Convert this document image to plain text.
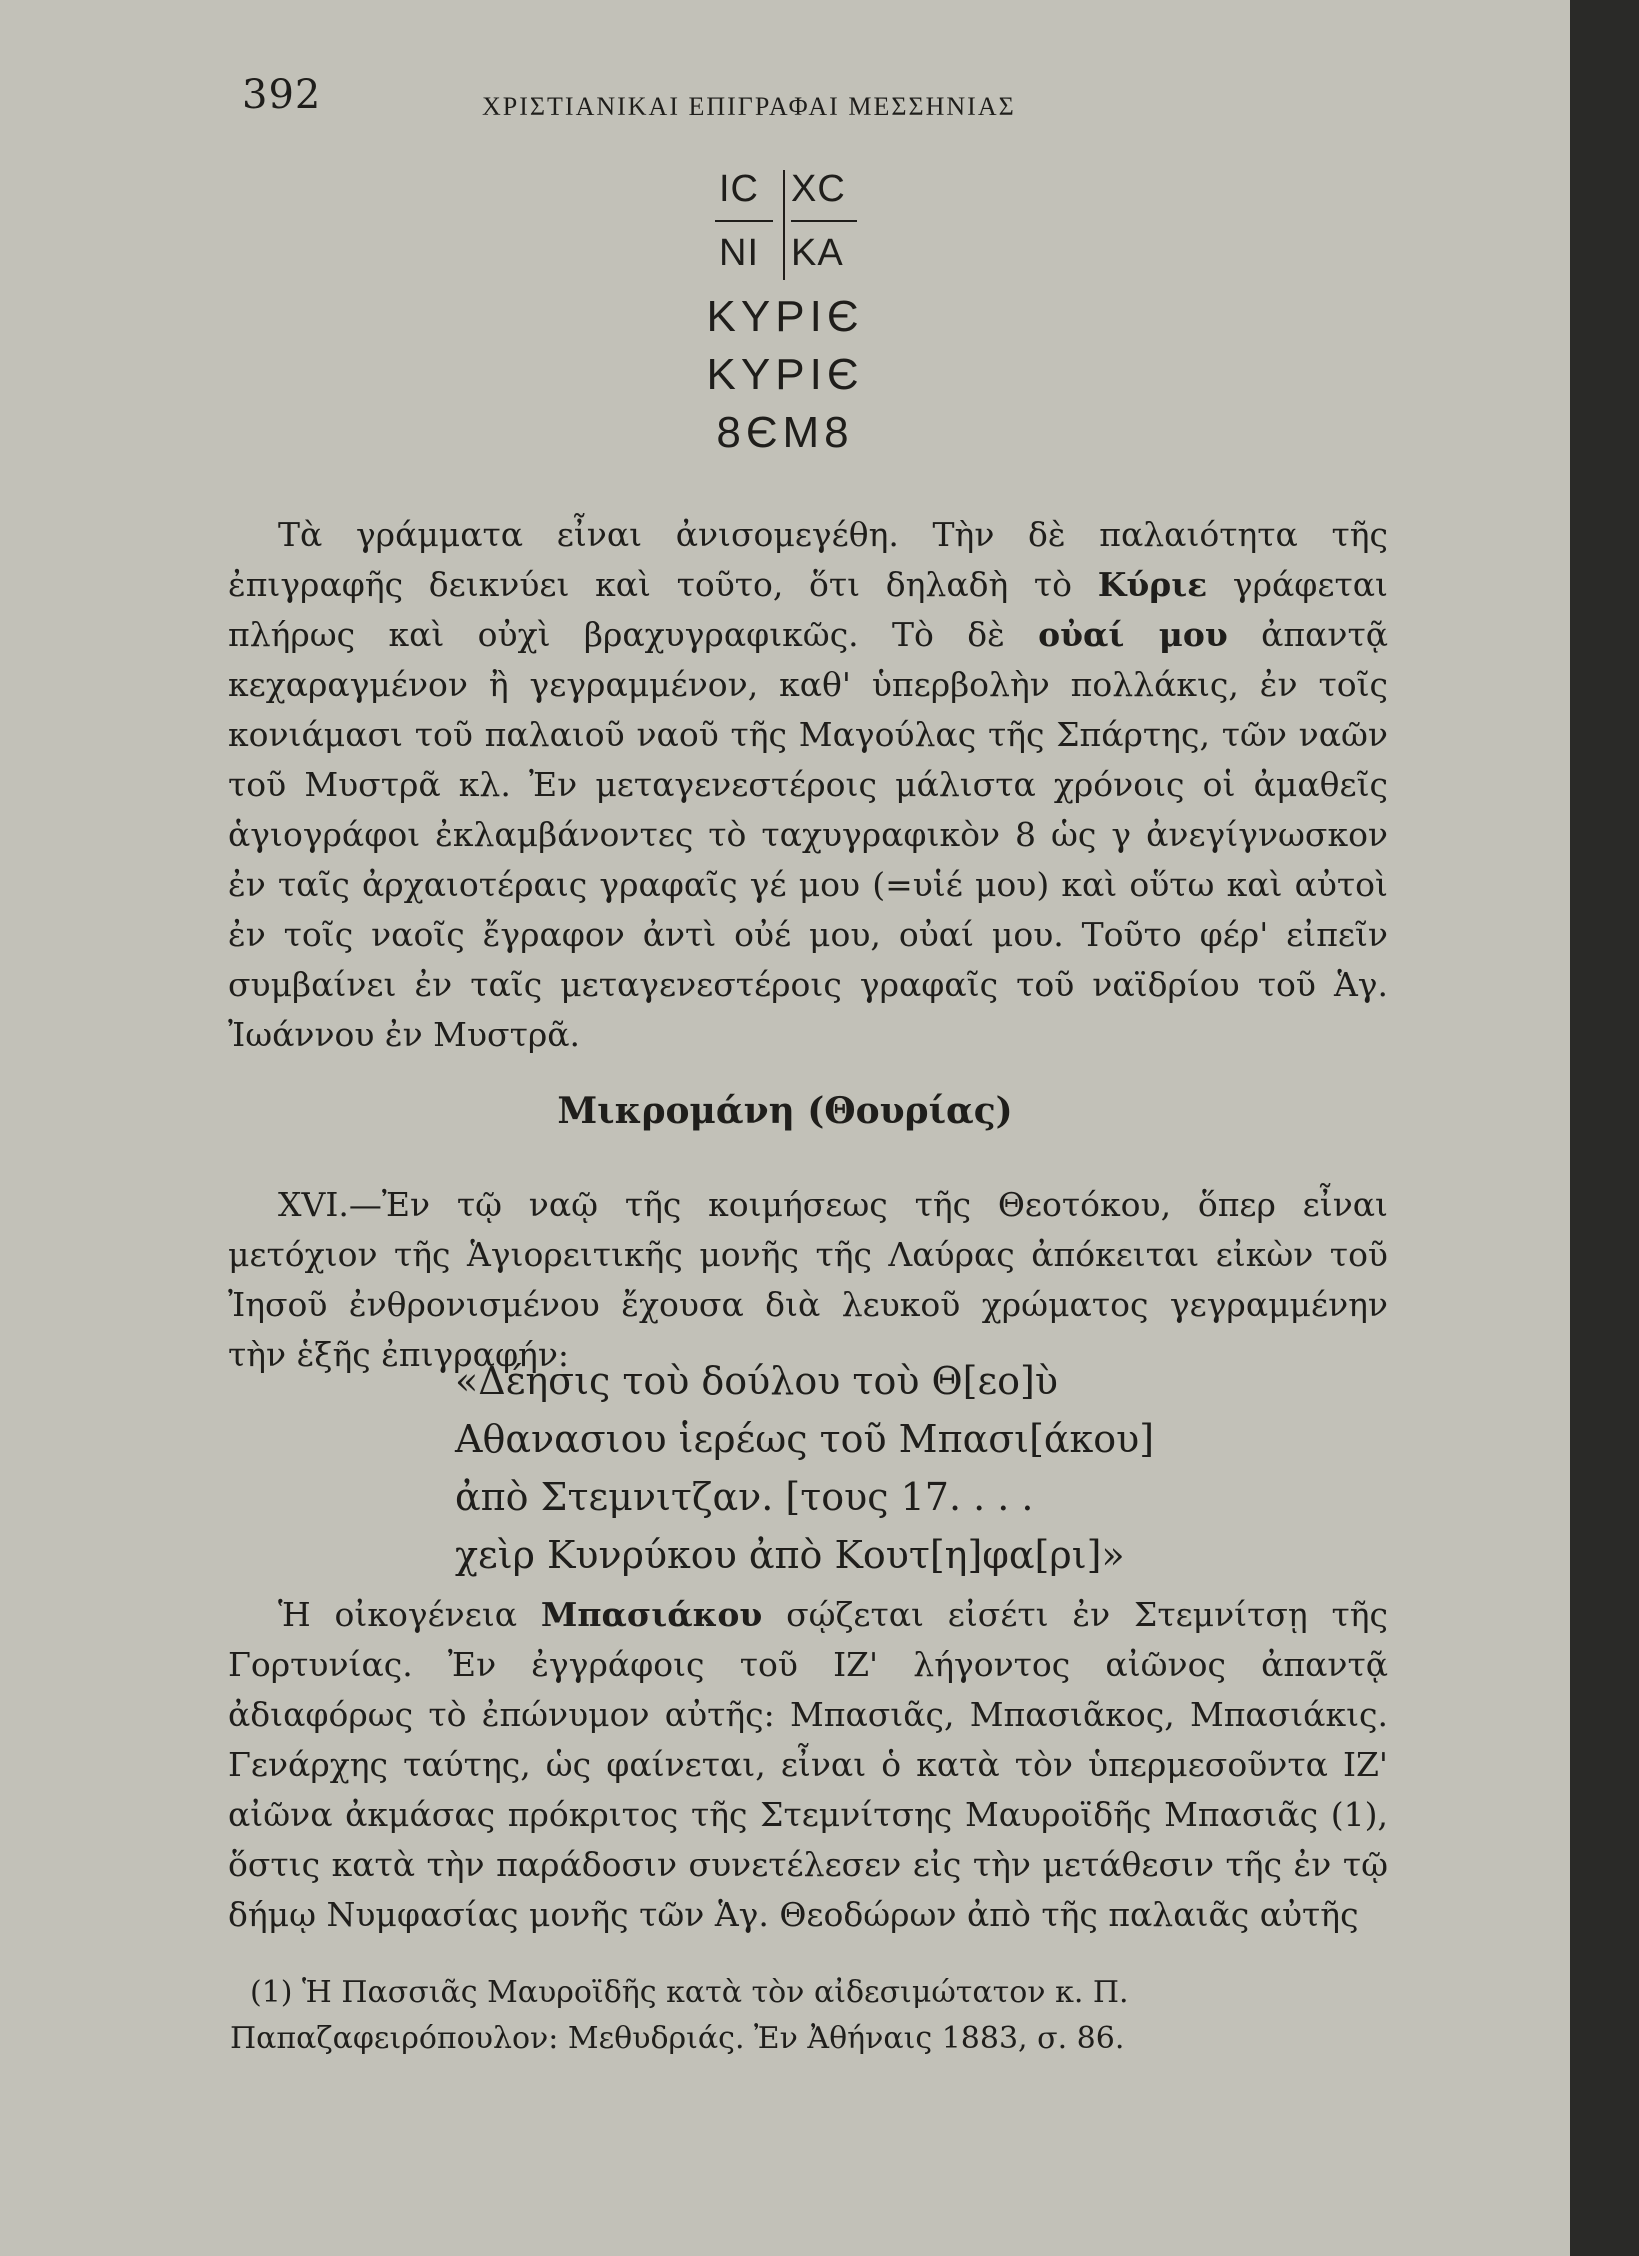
392	ΧΡΙΣΤΙΑΝΙΚΑΙ ΕΠΙΓΡΑΦΑΙ ΜΕΣΣΗΝΙΑΣ
IC XC
NI KA
ΚΥΡΙЄ
ΚΥΡΙЄ
8ЄΜ8

Τὰ γράμματα εἶναι ἀνισομεγέθη. Τὴν δὲ παλαιότητα τῆς ἐπιγραφῆς δεικνύει καὶ τοῦτο, ὅτι δηλαδὴ τὸ Κύριε γράφεται πλήρως καὶ οὐχὶ βραχυγραφικῶς. Τὸ δὲ οὐαί μου ἀπαντᾷ κεχαραγμένον ἢ γεγραμμένον, καθ' ὑπερβολὴν πολλάκις, ἐν τοῖς κονιάμασι τοῦ παλαιοῦ ναοῦ τῆς Μαγούλας τῆς Σπάρτης, τῶν ναῶν τοῦ Μυστρᾶ κλ. Ἐν μεταγενεστέροις μάλιστα χρόνοις οἱ ἀμαθεῖς ἁγιογράφοι ἐκλαμβάνοντες τὸ ταχυγραφικὸν 8 ὡς γ ἀνεγίγνωσκον ἐν ταῖς ἀρχαιοτέραις γραφαῖς γέ μου (=υἱέ μου) καὶ οὕτω καὶ αὐτοὶ ἐν τοῖς ναοῖς ἔγραφον ἀντὶ οὐέ μου, οὐαί μου. Τοῦτο φέρ' εἰπεῖν συμβαίνει ἐν ταῖς μεταγενεστέροις γραφαῖς τοῦ ναϊδρίου τοῦ Ἁγ. Ἰωάννου ἐν Μυστρᾶ.

Μικρομάνη (Θουρίας)

XVI.—Ἐν τῷ ναῷ τῆς κοιμήσεως τῆς Θεοτόκου, ὅπερ εἶναι μετόχιον τῆς Ἁγιορειτικῆς μονῆς τῆς Λαύρας ἀπόκειται εἰκὼν τοῦ Ἰησοῦ ἐνθρονισμένου ἔχουσα διὰ λευκοῦ χρώματος γεγραμμένην τὴν ἑξῆς ἐπιγραφήν:

«Δέησις τοὺ δούλου τοὺ Θ[εο]ὺ
Αθανασιου ἱερέως τοῦ Μπασι[άκου]
ἀπὸ Στεμνιτζαν. [τους 17. . . .
χεὶρ Κυνρύκου ἀπὸ Κουτ[η]φα[ρι]»

Ἡ οἰκογένεια Μπασιάκου σῴζεται εἰσέτι ἐν Στεμνίτσῃ τῆς Γορτυνίας. Ἐν ἐγγράφοις τοῦ ΙΖ' λήγοντος αἰῶνος ἀπαντᾷ ἀδιαφόρως τὸ ἐπώνυμον αὐτῆς: Μπασιᾶς, Μπασιᾶκος, Μπασιάκις. Γενάρχης ταύτης, ὡς φαίνεται, εἶναι ὁ κατὰ τὸν ὑπερμεσοῦντα ΙΖ' αἰῶνα ἀκμάσας πρόκριτος τῆς Στεμνίτσης Μαυροϊδῆς Μπασιᾶς (1), ὅστις κατὰ τὴν παράδοσιν συνετέλεσεν εἰς τὴν μετάθεσιν τῆς ἐν τῷ δήμῳ Νυμφασίας μονῆς τῶν Ἁγ. Θεοδώρων ἀπὸ τῆς παλαιᾶς αὐτῆς

(1) Ἡ Πασσιᾶς Μαυροϊδῆς κατὰ τὸν αἰδεσιμώτατον κ. Π. Παπαζαφειρόπουλον: Μεθυδριάς. Ἐν Ἀθήναις 1883, σ. 86.
